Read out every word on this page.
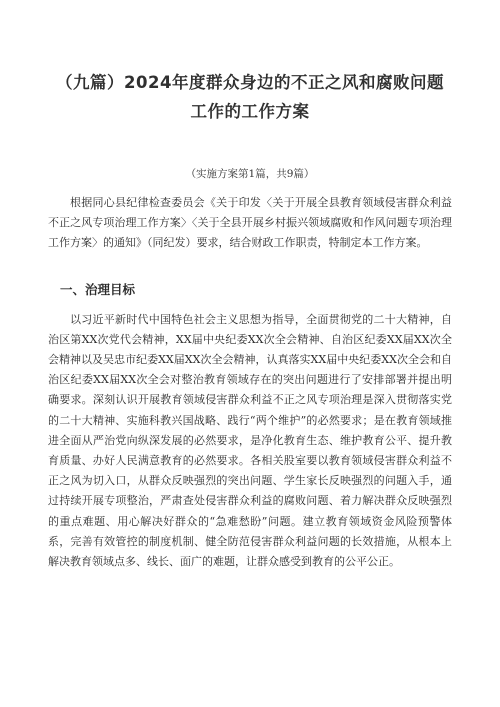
（九篇）2024年度群众身边的不正之风和腐败问题
工作的工作方案
（实施方案第1篇，共9篇）

根据同心县纪律检查委员会《关于印发〈关于开展全县教育领域侵害群众利益不正之风专项治理工作方案〉〈关于全县开展乡村振兴领域腐败和作风问题专项治理工作方案〉的通知》（同纪发）要求，结合财政工作职责，特制定本工作方案。

一、治理目标

以习近平新时代中国特色社会主义思想为指导，全面贯彻党的二十大精神，自治区第XX次党代会精神，XX届中央纪委XX次全会精神、自治区纪委XX届XX次全会精神以及吴忠市纪委XX届XX次全会精神，认真落实XX届中央纪委XX次全会和自治区纪委XX届XX次全会对整治教育领域存在的突出问题进行了安排部署并提出明确要求。深刻认识开展教育领域侵害群众利益不正之风专项治理是深入贯彻落实党的二十大精神、实施科教兴国战略、践行“两个维护”的必然要求；是在教育领域推进全面从严治党向纵深发展的必然要求，是净化教育生态、维护教育公平、提升教育质量、办好人民满意教育的必然要求。各相关股室要以教育领域侵害群众利益不正之风为切入口，从群众反映强烈的突出问题、学生家长反映强烈的问题入手，通过持续开展专项整治，严肃查处侵害群众利益的腐败问题、着力解决群众反映强烈的重点难题、用心解决好群众的“急难愁盼”问题。建立教育领域资金风险预警体系，完善有效管控的制度机制、健全防范侵害群众利益问题的长效措施，从根本上解决教育领域点多、线长、面广的难题，让群众感受到教育的公平公正。
